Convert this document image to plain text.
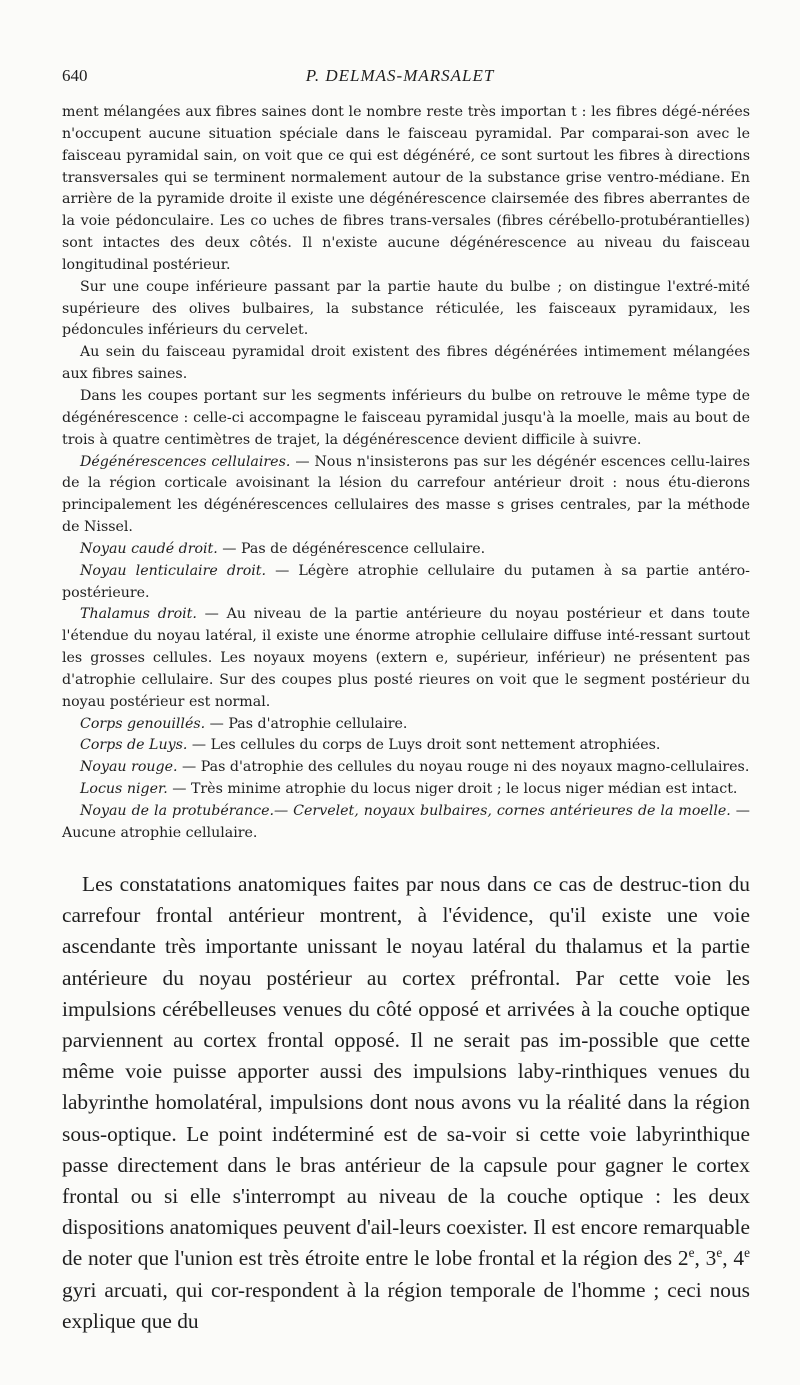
640	P. DELMAS-MARSALET

ment mélangées aux fibres saines dont le nombre reste très importan t : les fibres dégé-nérées n'occupent aucune situation spéciale dans le faisceau pyramidal. Par comparai-son avec le faisceau pyramidal sain, on voit que ce qui est dégénéré, ce sont surtout les fibres à directions transversales qui se terminent normalement autour de la substance grise ventro-médiane. En arrière de la pyramide droite il existe une dégénérescence clairsemée des fibres aberrantes de la voie pédonculaire. Les co uches de fibres trans-versales (fibres cérébello-protubérantielles) sont intactes des deux côtés. Il n'existe aucune dégénérescence au niveau du faisceau longitudinal postérieur.

Sur une coupe inférieure passant par la partie haute du bulbe ; on distingue l'extré-mité supérieure des olives bulbaires, la substance réticulée, les faisceaux pyramidaux, les pédoncules inférieurs du cervelet.

Au sein du faisceau pyramidal droit existent des fibres dégénérées intimement mélangées aux fibres saines.

Dans les coupes portant sur les segments inférieurs du bulbe on retrouve le même type de dégénérescence : celle-ci accompagne le faisceau pyramidal jusqu'à la moelle, mais au bout de trois à quatre centimètres de trajet, la dégénérescence devient difficile à suivre.

Dégénérescences cellulaires. — Nous n'insisterons pas sur les dégénér escences cellu-laires de la région corticale avoisinant la lésion du carrefour antérieur droit : nous étu-dierons principalement les dégénérescences cellulaires des masse s grises centrales, par la méthode de Nissel.

Noyau caudé droit. — Pas de dégénérescence cellulaire.

Noyau lenticulaire droit. — Légère atrophie cellulaire du putamen à sa partie antéro-postérieure.

Thalamus droit. — Au niveau de la partie antérieure du noyau postérieur et dans toute l'étendue du noyau latéral, il existe une énorme atrophie cellulaire diffuse inté-ressant surtout les grosses cellules. Les noyaux moyens (extern e, supérieur, inférieur) ne présentent pas d'atrophie cellulaire. Sur des coupes plus posté rieures on voit que le segment postérieur du noyau postérieur est normal.

Corps genouillés. — Pas d'atrophie cellulaire.

Corps de Luys. — Les cellules du corps de Luys droit sont nettement atrophiées.

Noyau rouge. — Pas d'atrophie des cellules du noyau rouge ni des noyaux magno-cellulaires.

Locus niger. — Très minime atrophie du locus niger droit ; le locus niger médian est intact.

Noyau de la protubérance.— Cervelet, noyaux bulbaires, cornes antérieures de la moelle. — Aucune atrophie cellulaire.

Les constatations anatomiques faites par nous dans ce cas de destruc-tion du carrefour frontal antérieur montrent, à l'évidence, qu'il existe une voie ascendante très importante unissant le noyau latéral du thalamus et la partie antérieure du noyau postérieur au cortex préfrontal. Par cette voie les impulsions cérébelleuses venues du côté opposé et arrivées à la couche optique parviennent au cortex frontal opposé. Il ne serait pas im-possible que cette même voie puisse apporter aussi des impulsions laby-rinthiques venues du labyrinthe homolatéral, impulsions dont nous avons vu la réalité dans la région sous-optique. Le point indéterminé est de sa-voir si cette voie labyrinthique passe directement dans le bras antérieur de la capsule pour gagner le cortex frontal ou si elle s'interrompt au niveau de la couche optique : les deux dispositions anatomiques peuvent d'ail-leurs coexister. Il est encore remarquable de noter que l'union est très étroite entre le lobe frontal et la région des 2e, 3e, 4e gyri arcuati, qui cor-respondent à la région temporale de l'homme ; ceci nous explique que du
